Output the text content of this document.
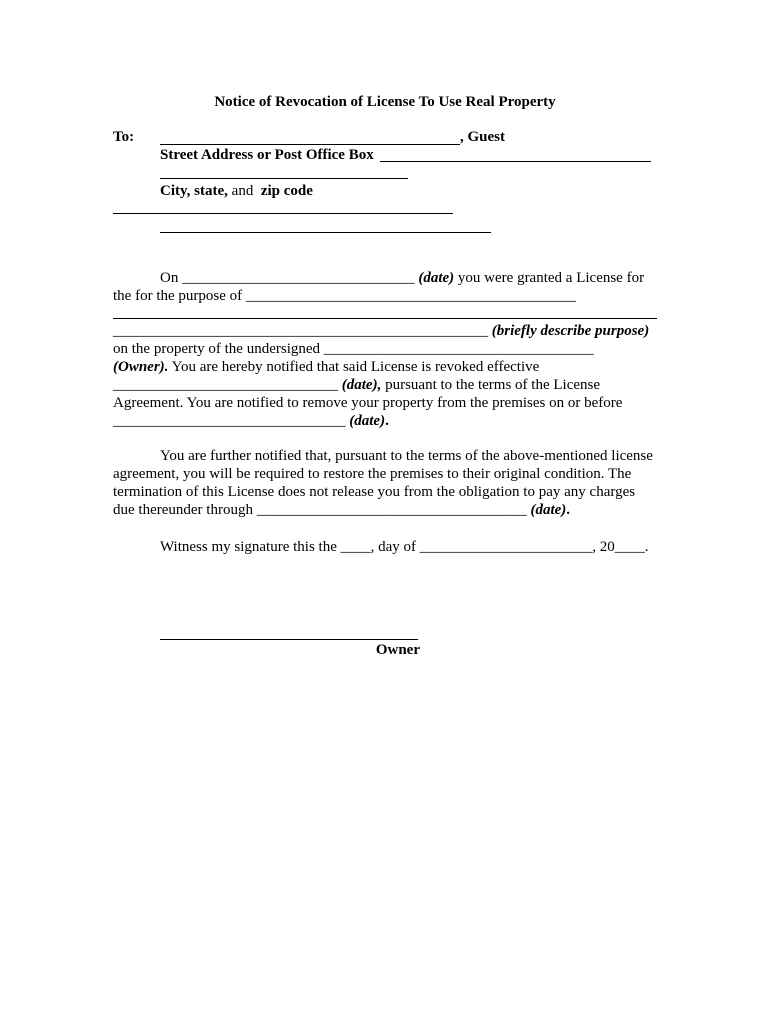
Notice of Revocation of License To Use Real Property
To:	, Guest
Street Address or Post Office Box
City, state, and  zip code
On _______________________________ (date) you were granted a License for
the for the purpose of ____________________________________________
__________________________________________________ (briefly describe purpose)
on the property of the undersigned ____________________________________
(Owner). You are hereby notified that said License is revoked effective
______________________________ (date), pursuant to the terms of the License
Agreement. You are notified to remove your property from the premises on or before
_______________________________ (date).
You are further notified that, pursuant to the terms of the above-mentioned license
agreement, you will be required to restore the premises to their original condition. The
termination of this License does not release you from the obligation to pay any charges
due thereunder through ____________________________________ (date).
Witness my signature this the ____, day of _______________________, 20____.
Owner
